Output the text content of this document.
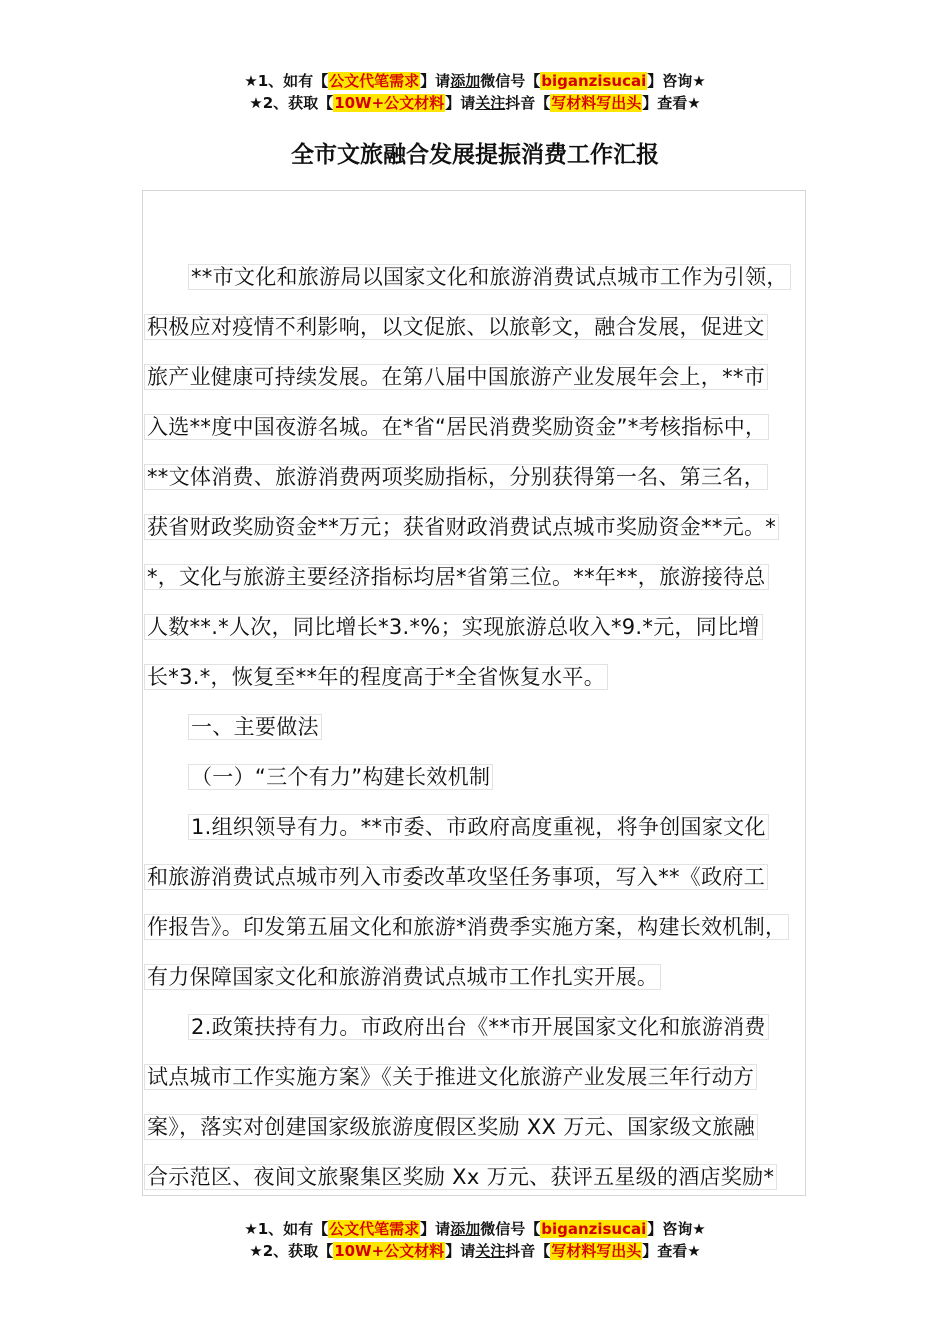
★1、如有【公文代笔需求】请添加微信号【biganzisucai】咨询★
★2、获取【10W+公文材料】请关注抖音【写材料写出头】查看★
全市文旅融合发展提振消费工作汇报
**市文化和旅游局以国家文化和旅游消费试点城市工作为引领，
积极应对疫情不利影响，以文促旅、以旅彰文，融合发展，促进文
旅产业健康可持续发展。在第八届中国旅游产业发展年会上，**市
入选**度中国夜游名城。在*省“居民消费奖励资金”*考核指标中，
**文体消费、旅游消费两项奖励指标，分别获得第一名、第三名，
获省财政奖励资金**万元；获省财政消费试点城市奖励资金**元。*
*，文化与旅游主要经济指标均居*省第三位。**年**，旅游接待总
人数**.*人次，同比增长*3.*%；实现旅游总收入*9.*元，同比增
长*3.*，恢复至**年的程度高于*全省恢复水平。
一、主要做法
（一）“三个有力”构建长效机制
1.组织领导有力。**市委、市政府高度重视，将争创国家文化
和旅游消费试点城市列入市委改革攻坚任务事项，写入**《政府工
作报告》。印发第五届文化和旅游*消费季实施方案，构建长效机制，
有力保障国家文化和旅游消费试点城市工作扎实开展。
2.政策扶持有力。市政府出台《**市开展国家文化和旅游消费
试点城市工作实施方案》《关于推进文化旅游产业发展三年行动方
案》，落实对创建国家级旅游度假区奖励 XX 万元、国家级文旅融
合示范区、夜间文旅聚集区奖励 Xx 万元、获评五星级的酒店奖励*
★1、如有【公文代笔需求】请添加微信号【biganzisucai】咨询★
★2、获取【10W+公文材料】请关注抖音【写材料写出头】查看★
